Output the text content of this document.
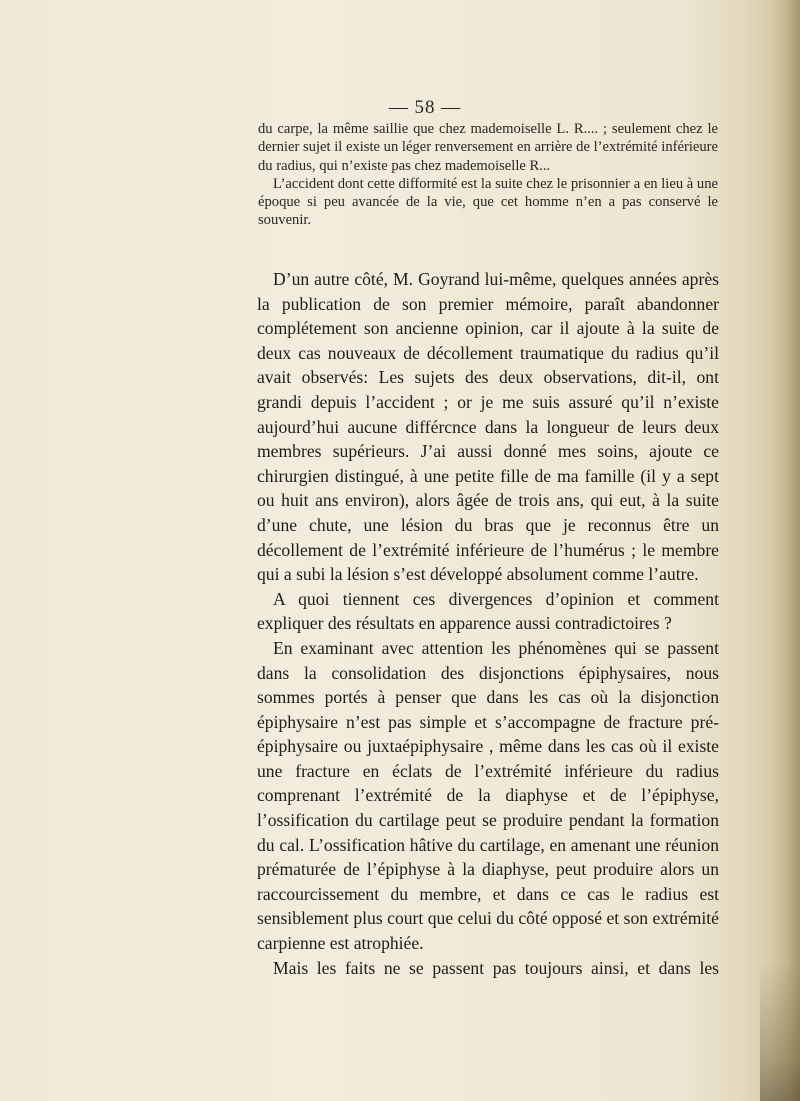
— 58 —

du carpe, la même saillie que chez mademoiselle L. R.... ; seulement chez le dernier sujet il existe un léger renversement en arrière de l’extrémité inférieure du radius, qui n’existe pas chez mademoiselle R...

L’accident dont cette difformité est la suite chez le prisonnier a en lieu à une époque si peu avancée de la vie, que cet homme n’en a pas conservé le souvenir.

D’un autre côté, M. Goyrand lui-même, quelques années après la publication de son premier mémoire, paraît abandonner complétement son ancienne opinion, car il ajoute à la suite de deux cas nouveaux de décollement traumatique du radius qu’il avait observés: Les sujets des deux observations, dit-il, ont grandi depuis l’accident ; or je me suis assuré qu’il n’existe aujourd’hui aucune différcnce dans la longueur de leurs deux membres supérieurs. J’ai aussi donné mes soins, ajoute ce chirurgien distingué, à une petite fille de ma famille (il y a sept ou huit ans environ), alors âgée de trois ans, qui eut, à la suite d’une chute, une lésion du bras que je reconnus être un décollement de l’extrémité inférieure de l’humérus ; le membre qui a subi la lésion s’est développé absolument comme l’autre.

A quoi tiennent ces divergences d’opinion et comment expliquer des résultats en apparence aussi contradictoires ?

En examinant avec attention les phénomènes qui se passent dans la consolidation des disjonctions épiphysaires, nous sommes portés à penser que dans les cas où la disjonction épiphysaire n’est pas simple et s’accompagne de fracture pré-épiphysaire ou juxtaépiphysaire , même dans les cas où il existe une fracture en éclats de l’extrémité inférieure du radius comprenant l’extrémité de la diaphyse et de l’épiphyse, l’ossification du cartilage peut se produire pendant la formation du cal. L’ossification hâtive du cartilage, en amenant une réunion prématurée de l’épiphyse à la diaphyse, peut produire alors un raccourcissement du membre, et dans ce cas le radius est sensiblement plus court que celui du côté opposé et son extrémité carpienne est atrophiée.

Mais les faits ne se passent pas toujours ainsi, et dans les
